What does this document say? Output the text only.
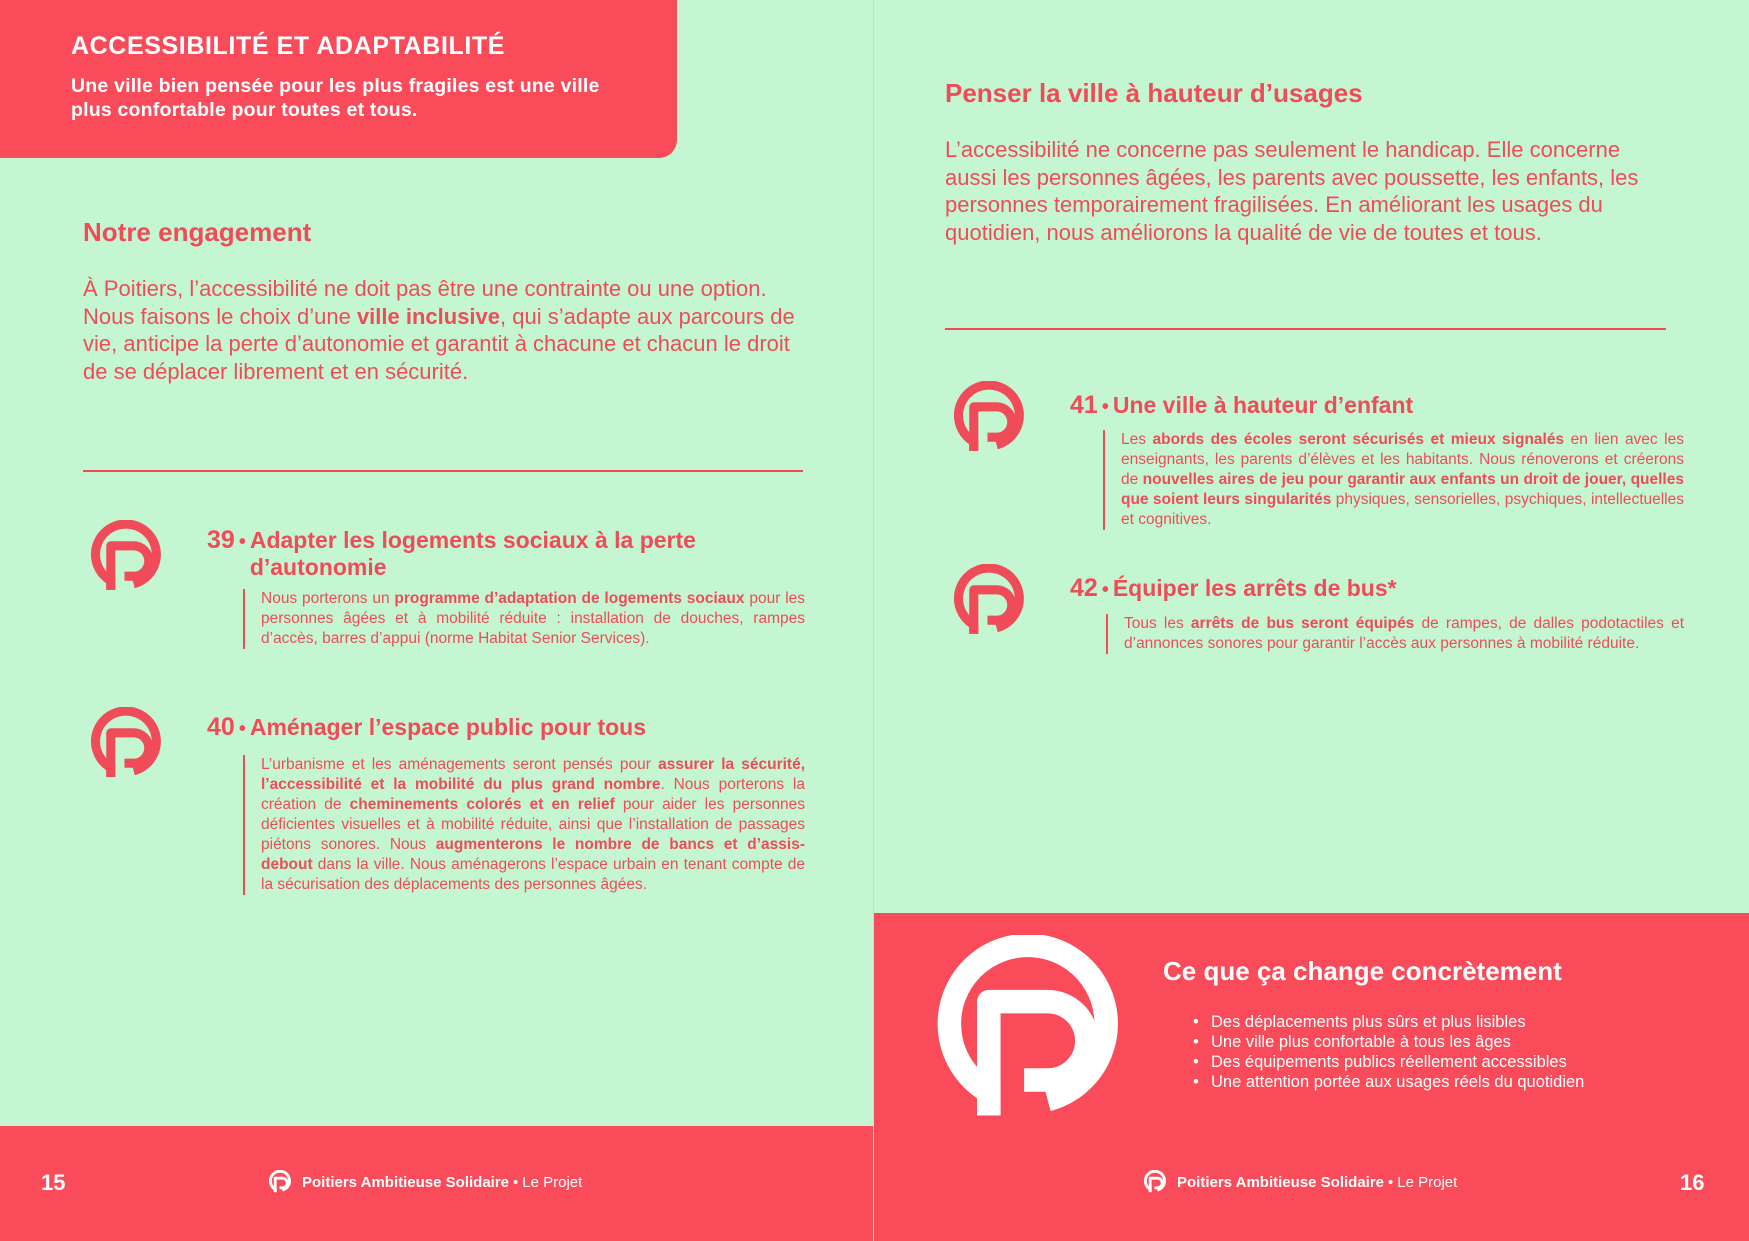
ACCESSIBILITÉ ET ADAPTABILITÉ

Une ville bien pensée pour les plus fragiles est une ville plus confortable pour toutes et tous.

Notre engagement
À Poitiers, l’accessibilité ne doit pas être une contrainte ou une option.
Nous faisons le choix d’une ville inclusive, qui s’adapte aux parcours de vie, anticipe la perte d’autonomie et garantit à chacune et chacun le droit de se déplacer librement et en sécurité.
39 • Adapter les logements sociaux à la perte d’autonomie

Nous porterons un programme d’adaptation de logements sociaux pour les personnes âgées et à mobilité réduite : installation de douches, rampes d’accès, barres d’appui (norme Habitat Senior Services).

40 • Aménager l’espace public pour tous

L’urbanisme et les aménagements seront pensés pour assurer la sécurité, l’accessibilité et la mobilité du plus grand nombre. Nous porterons la création de cheminements colorés et en relief pour aider les personnes déficientes visuelles et à mobilité réduite, ainsi que l’installation de passages piétons sonores. Nous augmenterons le nombre de bancs et d’assis-debout dans la ville. Nous aménagerons l’espace urbain en tenant compte de la sécurisation des déplacements des personnes âgées.

15	Poitiers Ambitieuse Solidaire • Le Projet
Penser la ville à hauteur d’usages

L’accessibilité ne concerne pas seulement le handicap. Elle concerne aussi les personnes âgées, les parents avec poussette, les enfants, les personnes temporairement fragilisées. En améliorant les usages du quotidien, nous améliorons la qualité de vie de toutes et tous.

41 • Une ville à hauteur d’enfant

Les abords des écoles seront sécurisés et mieux signalés en lien avec les enseignants, les parents d’élèves et les habitants. Nous rénoverons et créerons de nouvelles aires de jeu pour garantir aux enfants un droit de jouer, quelles que soient leurs singularités physiques, sensorielles, psychiques, intellectuelles et cognitives.

42 • Équiper les arrêts de bus*

Tous les arrêts de bus seront équipés de rampes, de dalles podotactiles et d’annonces sonores pour garantir l’accès aux personnes à mobilité réduite.

Ce que ça change concrètement
• Des déplacements plus sûrs et plus lisibles
• Une ville plus confortable à tous les âges
• Des équipements publics réellement accessibles
• Une attention portée aux usages réels du quotidien
Poitiers Ambitieuse Solidaire • Le Projet	16
